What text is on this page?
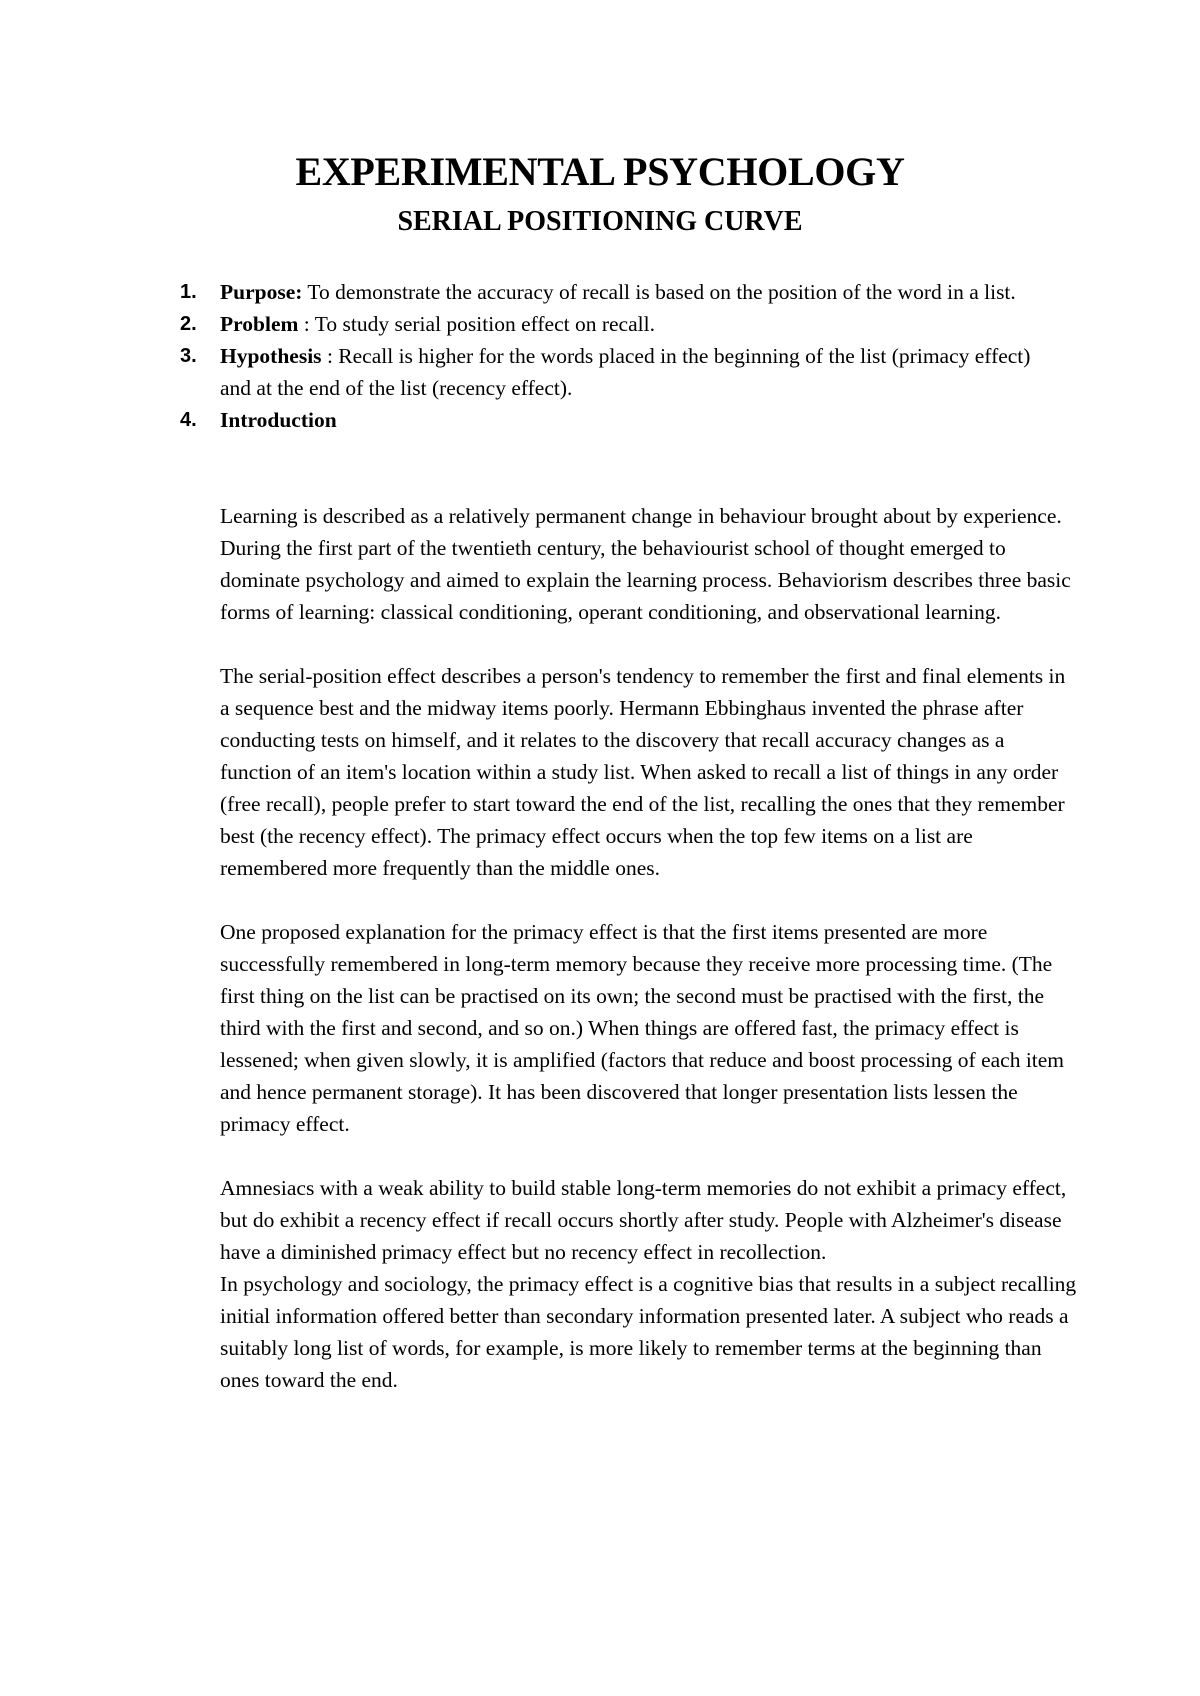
EXPERIMENTAL PSYCHOLOGY
SERIAL POSITIONING CURVE
1.	Purpose: To demonstrate the accuracy of recall is based on the position of the word in a list.
2.	Problem : To study serial position effect on recall.
3.	Hypothesis : Recall is higher for the words placed in the beginning of the list (primacy effect) and at the end of the list (recency effect).
4.	Introduction

Learning is described as a relatively permanent change in behaviour brought about by experience. During the first part of the twentieth century, the behaviourist school of thought emerged to dominate psychology and aimed to explain the learning process. Behaviorism describes three basic forms of learning: classical conditioning, operant conditioning, and observational learning.

The serial-position effect describes a person's tendency to remember the first and final elements in a sequence best and the midway items poorly. Hermann Ebbinghaus invented the phrase after conducting tests on himself, and it relates to the discovery that recall accuracy changes as a function of an item's location within a study list. When asked to recall a list of things in any order (free recall), people prefer to start toward the end of the list, recalling the ones that they remember best (the recency effect). The primacy effect occurs when the top few items on a list are remembered more frequently than the middle ones.

One proposed explanation for the primacy effect is that the first items presented are more successfully remembered in long-term memory because they receive more processing time. (The first thing on the list can be practised on its own; the second must be practised with the first, the third with the first and second, and so on.) When things are offered fast, the primacy effect is lessened; when given slowly, it is amplified (factors that reduce and boost processing of each item and hence permanent storage). It has been discovered that longer presentation lists lessen the primacy effect.

Amnesiacs with a weak ability to build stable long-term memories do not exhibit a primacy effect, but do exhibit a recency effect if recall occurs shortly after study. People with Alzheimer's disease have a diminished primacy effect but no recency effect in recollection.

In psychology and sociology, the primacy effect is a cognitive bias that results in a subject recalling initial information offered better than secondary information presented later. A subject who reads a suitably long list of words, for example, is more likely to remember terms at the beginning than ones toward the end.
